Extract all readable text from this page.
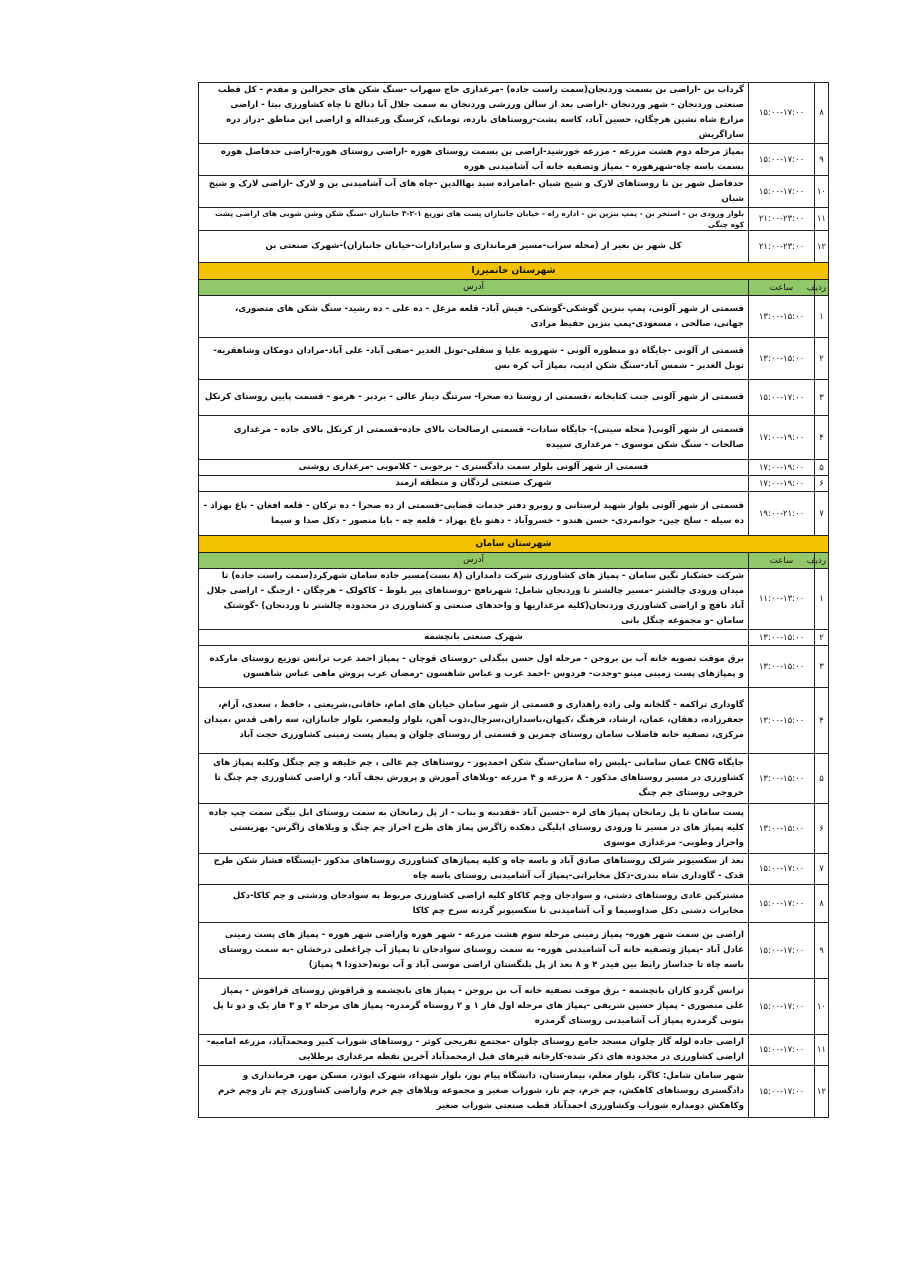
۸	۱۵:۰۰-۱۷:۰۰	گرداب بن -اراضی بن بسمت وردنجان(سمت راست جاده) -مرغداری حاج سهراب -سنگ شکن های حجرالبن و مقدم - کل قطب صنعتی وردنجان - شهر وردنجان -اراضی بعد از سالن ورزشی وردنجان به سمت جلال آبا دنالچ تا چاه کشاورزی بیتا - اراضی مزارع شاه نشین هرچگان، حسین آباد، کاسه پشت-روستاهای بارده، تومانک، کرسنگ ورعبداله و اراضی این مناطق -دراز دره ساراگریش
۹	۱۵:۰۰-۱۷:۰۰	بمپاژ مرحله دوم هشت مزرعه - مزرعه خورشید-اراضی بن بسمت روستای هوره -اراضی روستای هوره-اراضی حدفاصل هوره بسمت باسه چاه-شهرهوره - بمپاژ وتصفیه خانه آب آشامیدنی هوره
۱۰	۱۵:۰۰-۱۷:۰۰	حدفاصل شهر بن تا روستاهای لارک و شیخ شبان -امامزاده سید بهاالدین -چاه های آب آشامیدنی بن و لارک -اراضی لارک و شیخ شبان
۱۱	۲۱:۰۰-۲۳:۰۰	بلوار ورودی بن - استخر بن - پمپ بنزین بن - اداره راه - خیابان جانبازان پست های توزیع ۱-۲-۳ جانبازان -سنگ شکن وشن شویی های اراضی پشت کوه چنگی
۱۲	۲۱:۰۰-۲۳:۰۰	کل شهر بن بغیر از (محله سراب-مسیر فرمانداری و سایرادارات-خیابان جانبازان)-شهرک صنعتی بن
شهرستان خانمیرزا		
ردیف	ساعت	آدرس
۱	۱۳:۰۰-۱۵:۰۰	قسمتی از شهر آلونی، پمپ بنزین گوشکی-گوشکی- فیش آباد- قلعه مزعل - ده علی - ده رشید- سنگ شکن های منصوری، جهانی، صالحی ، مسعودی-پمپ بنزین حفیظ مرادی
۲	۱۳:۰۰-۱۵:۰۰	قسمتی از آلونی -جایگاه دو منظوره آلونی - شهرویه علیا و سفلی-تونل الغدیر -صفی آباد- علی آباد-مرادان دومکان وشاهقریه-تونل الغدیر - شمس آباد-سنگ شکن ادیب، بمپاژ آب کره بس
۳	۱۵:۰۰-۱۷:۰۰	قسمتی از شهر آلونی جنب کتابخانه ،قسمتی از روستا ده صحرا- سرتنگ دینار عالی - بردبر - هرمو - قسمت پایین روستای کرنکل
۴	۱۷:۰۰-۱۹:۰۰	قسمتی از شهر آلونی( محله سینی)- جایگاه سادات- قسمتی ازصالحات بالای جاده-قسمتی از کرنکل بالای جاده - مرغداری صالحات - سنگ شکن موسوی - مرغداری سپیده
۵	۱۷:۰۰-۱۹:۰۰	قسمتی از شهر آلونی بلوار سمت دادگستری - برجویی - کلاموبی -مرغداری روشنی
۶	۱۷:۰۰-۱۹:۰۰	شهرک صنعتی لردگان و منطقه ارمند
۷	۱۹:۰۰-۲۱:۰۰	قسمتی از شهر آلونی بلوار شهید لرستانی و روبرو دفتر خدمات قضایی-قسمتی از ده صحرا - ده ترکان - قلعه افغان - باغ بهزاد - ده سیله - سلخ چین- جوانمردی- حسن هندو - خسروآباد - دهنو باغ بهزاد - قلعه چه - بابا منصور - دکل صدا و سیما
شهرستان سامان		
ردیف	ساعت	آدرس
۱	۱۱:۰۰-۱۳:۰۰	شرکت خشکبار نگین سامان - پمپاژ های کشاورزی شرکت دامداران (۸ بست)مسیر جاده سامان شهرکرد(سمت راست جاده) تا میدان ورودی چالشتر -مسیر چالشتر تا وردنجان شامل: شهرنافچ -روستاهای پیر بلوط - کاکولک - هرچگان - ارجنگ - اراضی جلال آباد نافچ و اراضی کشاورزی وردنجان(کلیه مرغداریها و واحدهای صنعتی و کشاورزی در محدوده چالشتر تا وردنجان) -گوشتک سامان -و مجموعه چنگل بانی
۲	۱۳:۰۰-۱۵:۰۰	شهرک صنعتی بانچشمه
۳	۱۳:۰۰-۱۵:۰۰	برق موقت تصویه خانه آب بن بروجن - مرحله اول حسن بیگدلی -روستای قوچان - پمپاژ احمد عرب ترانس توزیع روستای مارکده و پمپاژهای پست زمینی مینو -وحدت- فردوس -احمد عرب و عباس شاهسون -رمضان عرب پروش ماهی عباس شاهسون
۴	۱۳:۰۰-۱۵:۰۰	گاوداری تراکمه - گلخانه ولی زاده راهداری و قسمتی از شهر سامان خیابان های امام، خاقانی،شریعتی ، حافظ ، سعدی، آرام، جعفرزاده، دهقان، عمان، ارشاد، فرهنگ ،کیهان،باسداران،سرچال،ذوب آهن، بلوار ولیعصر، بلوار جانبازان، سه راهی قدس ،میدان مرکزی، تصفیه خانه فاضلاب سامان روستای چمزین و قسمتی از روستای چلوان و پمپاژ پست زمینی کشاورزی حجت آباد
۵	۱۳:۰۰-۱۵:۰۰	جایگاه CNG عمان سامانی -پلیس راه سامان-سنگ شکن احمدپور - روستاهای چم عالی ، چم خلیفه و چم چنگل وکلیه پمپاژ های کشاورزی در مسیر روستاهای مذکور - ۸ مزرعه و ۴ مزرعه -ویلاهای آموزش و پرورش نجف آباد- و اراضی کشاورزی چم چنگ تا خروجی روستای چم چنگ
۶	۱۳:۰۰-۱۵:۰۰	پست سامان تا پل زمانخان پمپاژ های لره -حسین آباد -قفدنبه و بناب - از پل زمانخان به سمت روستای ابل بیگی سمت چپ جاده کلیه پمپاژ های در مسیر تا ورودی روستای ابلیگی دهکده زاگرس پماژ های طرح احراز چم چنگ و ویلاهای زاگرس- بهزیستی واحراز وطوبی- مرغداری موسوی
۷	۱۵:۰۰-۱۷:۰۰	بعد از سکسیونر شرلک روستاهای صادق آباد و باسه چاه و کلیه پمپاژهای کشاورزی روستاهای مذکور -ایستگاه فشار شکن طرح قدک - گاوداری شاه بندری-دکل مخابراتی-پمپاژ آب آشامیدنی روستای باسه چاه
۸	۱۵:۰۰-۱۷:۰۰	مشترکین عادی روستاهای دشتی، و سوادجان وچم کاکاو کلیه اراضی کشاورزی مربوط به سوادجان ودشتی و چم کاکا-دکل مخابرات دشتی دکل صداوسیما و آب آشامیدنی تا سکسیونر گردنه سرخ چم کاکا
۹	۱۵:۰۰-۱۷:۰۰	اراضی بن سمت شهر هوره- پمپاژ زمینی مرحله سوم هشت مزرعه - شهر هوره واراضی شهر هوره - پمپاژ های پست زمینی عادل آباد -پمپاژ وتصفیه خانه آب آشامیدنی هوره- به سمت روستای سوادجان تا پمپاژ آب چراغعلی درخشان -به سمت روستای باسه چاه تا جداساز رابط بین فیدر ۴ و ۸ بعد از پل بلنگستان اراضی موسی آباد و آب بونه(حدودا ۹ پمپاژ)
۱۰	۱۵:۰۰-۱۷:۰۰	ترانس گردو کاران بانچشمه - برق موقت تصفیه خانه آب بن بروجن - پمپاژ های بانچشمه و قراقوش روستای قراقوش - پمپاژ علی منصوری - پمپاژ حسین شریفی -پمپاژ های مرحله اول فاز ۱ و ۲ روستاه گرمدره- پمپاژ های مرحله ۲ و ۳ فاز یک و دو تا پل بتونی گرمدره پمپاژ آب آشامیدنی روستای گرمدره
۱۱	۱۵:۰۰-۱۷:۰۰	اراضی جاده لوله گاز چلوان مسجد جامع روستای چلوان -مجتمع تفریحی کوثر - روستاهای شوراب کبیر ومحمدآباد، مزرعه امامیه- اراضی کشاورزی در محدوده های ذکر شده-کارخانه قیرهای قبل ازمحمدآباد آخرین نقطه مرغداری برطلایی
۱۲	۱۵:۰۰-۱۷:۰۰	شهر سامان شامل: کاگر، بلوار معلم، بیمارستان، دانشگاه پیام نور، بلوار شهداء، شهرک ابوذر، مسکن مهر، فرمانداری و دادگستری روستاهای کاهکش، چم خرم، چم تار، شوراب صغیر و مجموعه ویلاهای چم خرم واراضی کشاورزی چم تار وچم خرم وکاهکش دومداره شوراب وکشاورزی احمدآباد قطب صنعتی شوراب صغیر
